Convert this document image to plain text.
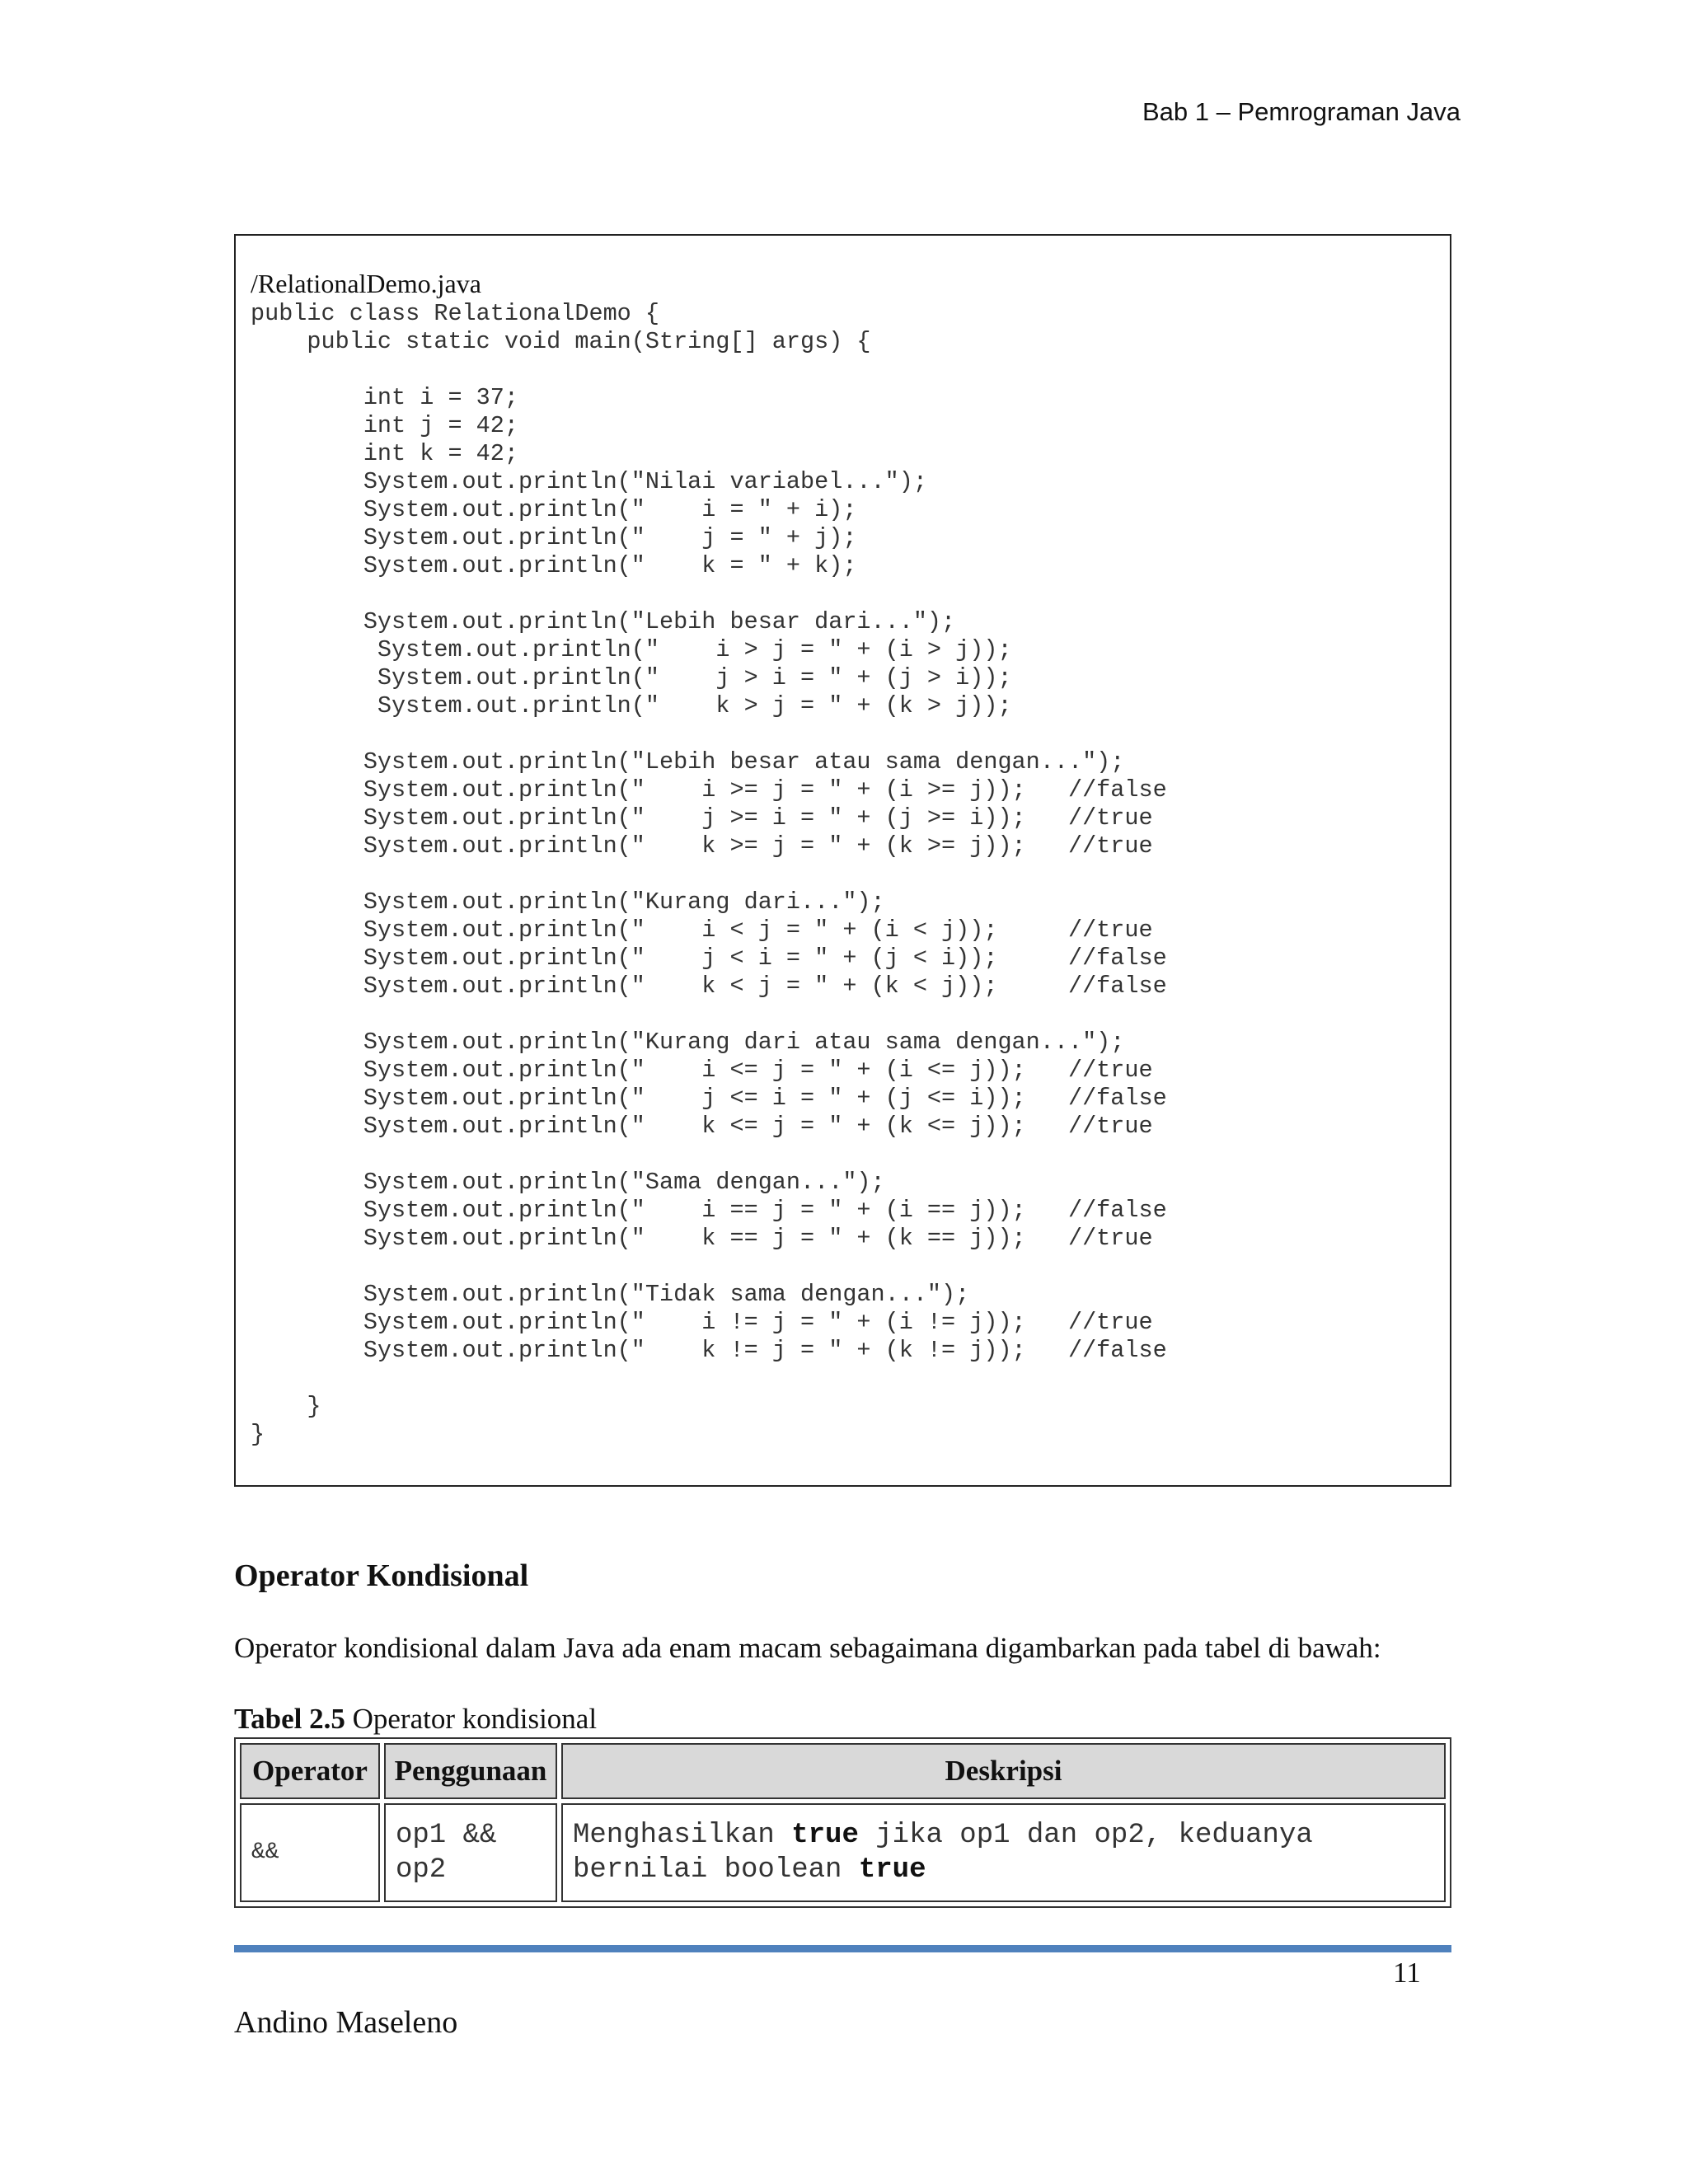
Bab 1 – Pemrograman Java
/RelationalDemo.java
public class RelationalDemo {
public static void main(String[] args) {

int i = 37;
int j = 42;
int k = 42;
System.out.println("Nilai variabel...");
System.out.println("    i = " + i);
System.out.println("    j = " + j);
System.out.println("    k = " + k);

System.out.println("Lebih besar dari...");
System.out.println("    i > j = " + (i > j));
System.out.println("    j > i = " + (j > i));
System.out.println("    k > j = " + (k > j));

System.out.println("Lebih besar atau sama dengan...");
System.out.println("    i >= j = " + (i >= j));   //false
System.out.println("    j >= i = " + (j >= i));   //true
System.out.println("    k >= j = " + (k >= j));   //true

System.out.println("Kurang dari...");
System.out.println("    i < j = " + (i < j));     //true
System.out.println("    j < i = " + (j < i));     //false
System.out.println("    k < j = " + (k < j));     //false

System.out.println("Kurang dari atau sama dengan...");
System.out.println("    i <= j = " + (i <= j));   //true
System.out.println("    j <= i = " + (j <= i));   //false
System.out.println("    k <= j = " + (k <= j));   //true

System.out.println("Sama dengan...");
System.out.println("    i == j = " + (i == j));   //false
System.out.println("    k == j = " + (k == j));   //true

System.out.println("Tidak sama dengan...");
System.out.println("    i != j = " + (i != j));   //true
System.out.println("    k != j = " + (k != j));   //false

}
}
Operator Kondisional

Operator kondisional dalam Java ada enam macam sebagaimana digambarkan pada tabel di bawah:

Tabel 2.5 Operator kondisional

Operator	Penggunaan	Deskripsi
&&	op1 && op2	Menghasilkan true jika op1 dan op2, keduanya bernilai boolean true
11
Andino Maseleno
